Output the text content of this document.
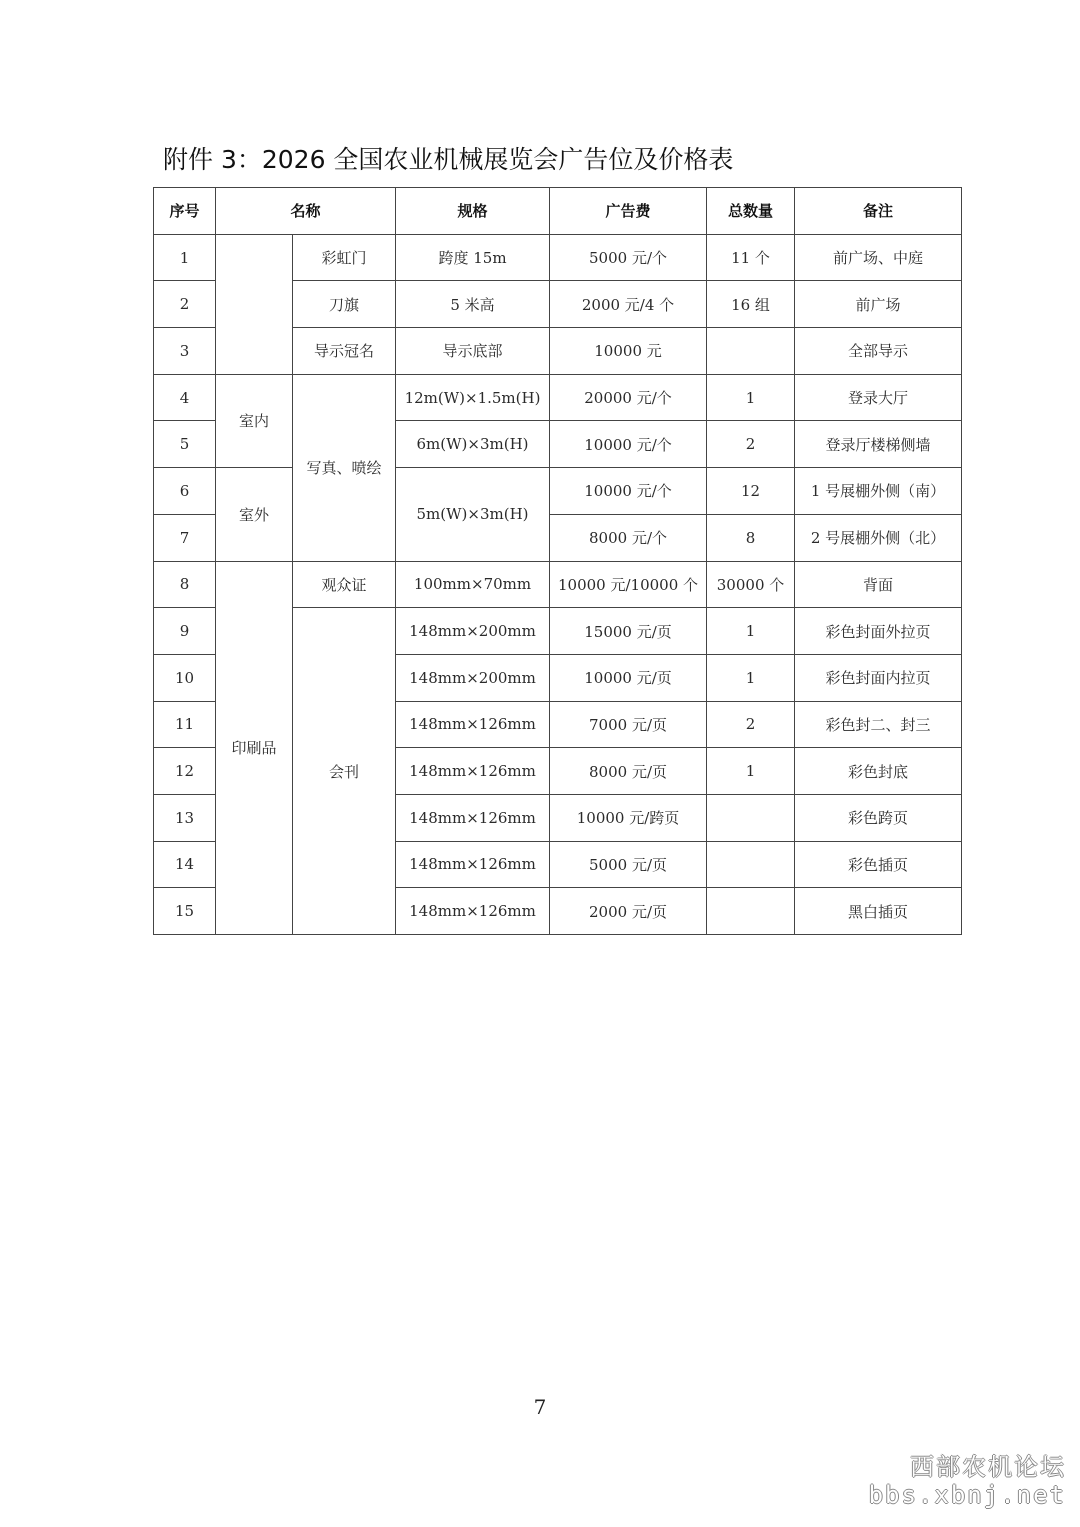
附件 3：2026 全国农业机械展览会广告位及价格表
序号	名称		规格	广告费	总数量	备注
1		彩虹门	跨度 15m	5000 元/个	11 个	前广场、中庭
2		刀旗	5 米高	2000 元/4 个	16 组	前广场
3		导示冠名	导示底部	10000 元		全部导示
4	室内	写真、喷绘	12m(W)×1.5m(H)	20000 元/个	1	登录大厅
5			6m(W)×3m(H)	10000 元/个	2	登录厅楼梯侧墙
6	室外		5m(W)×3m(H)	10000 元/个	12	1 号展棚外侧（南）
7				8000 元/个	8	2 号展棚外侧（北）
8	印刷品	观众证	100mm×70mm	10000 元/10000 个	30000 个	背面
9		会刊	148mm×200mm	15000 元/页	1	彩色封面外拉页
10			148mm×200mm	10000 元/页	1	彩色封面内拉页
11			148mm×126mm	7000 元/页	2	彩色封二、封三
12			148mm×126mm	8000 元/页	1	彩色封底
13			148mm×126mm	10000 元/跨页		彩色跨页
14			148mm×126mm	5000 元/页		彩色插页
15			148mm×126mm	2000 元/页		黑白插页
7
西部农机论坛
bbs.xbnj.net
